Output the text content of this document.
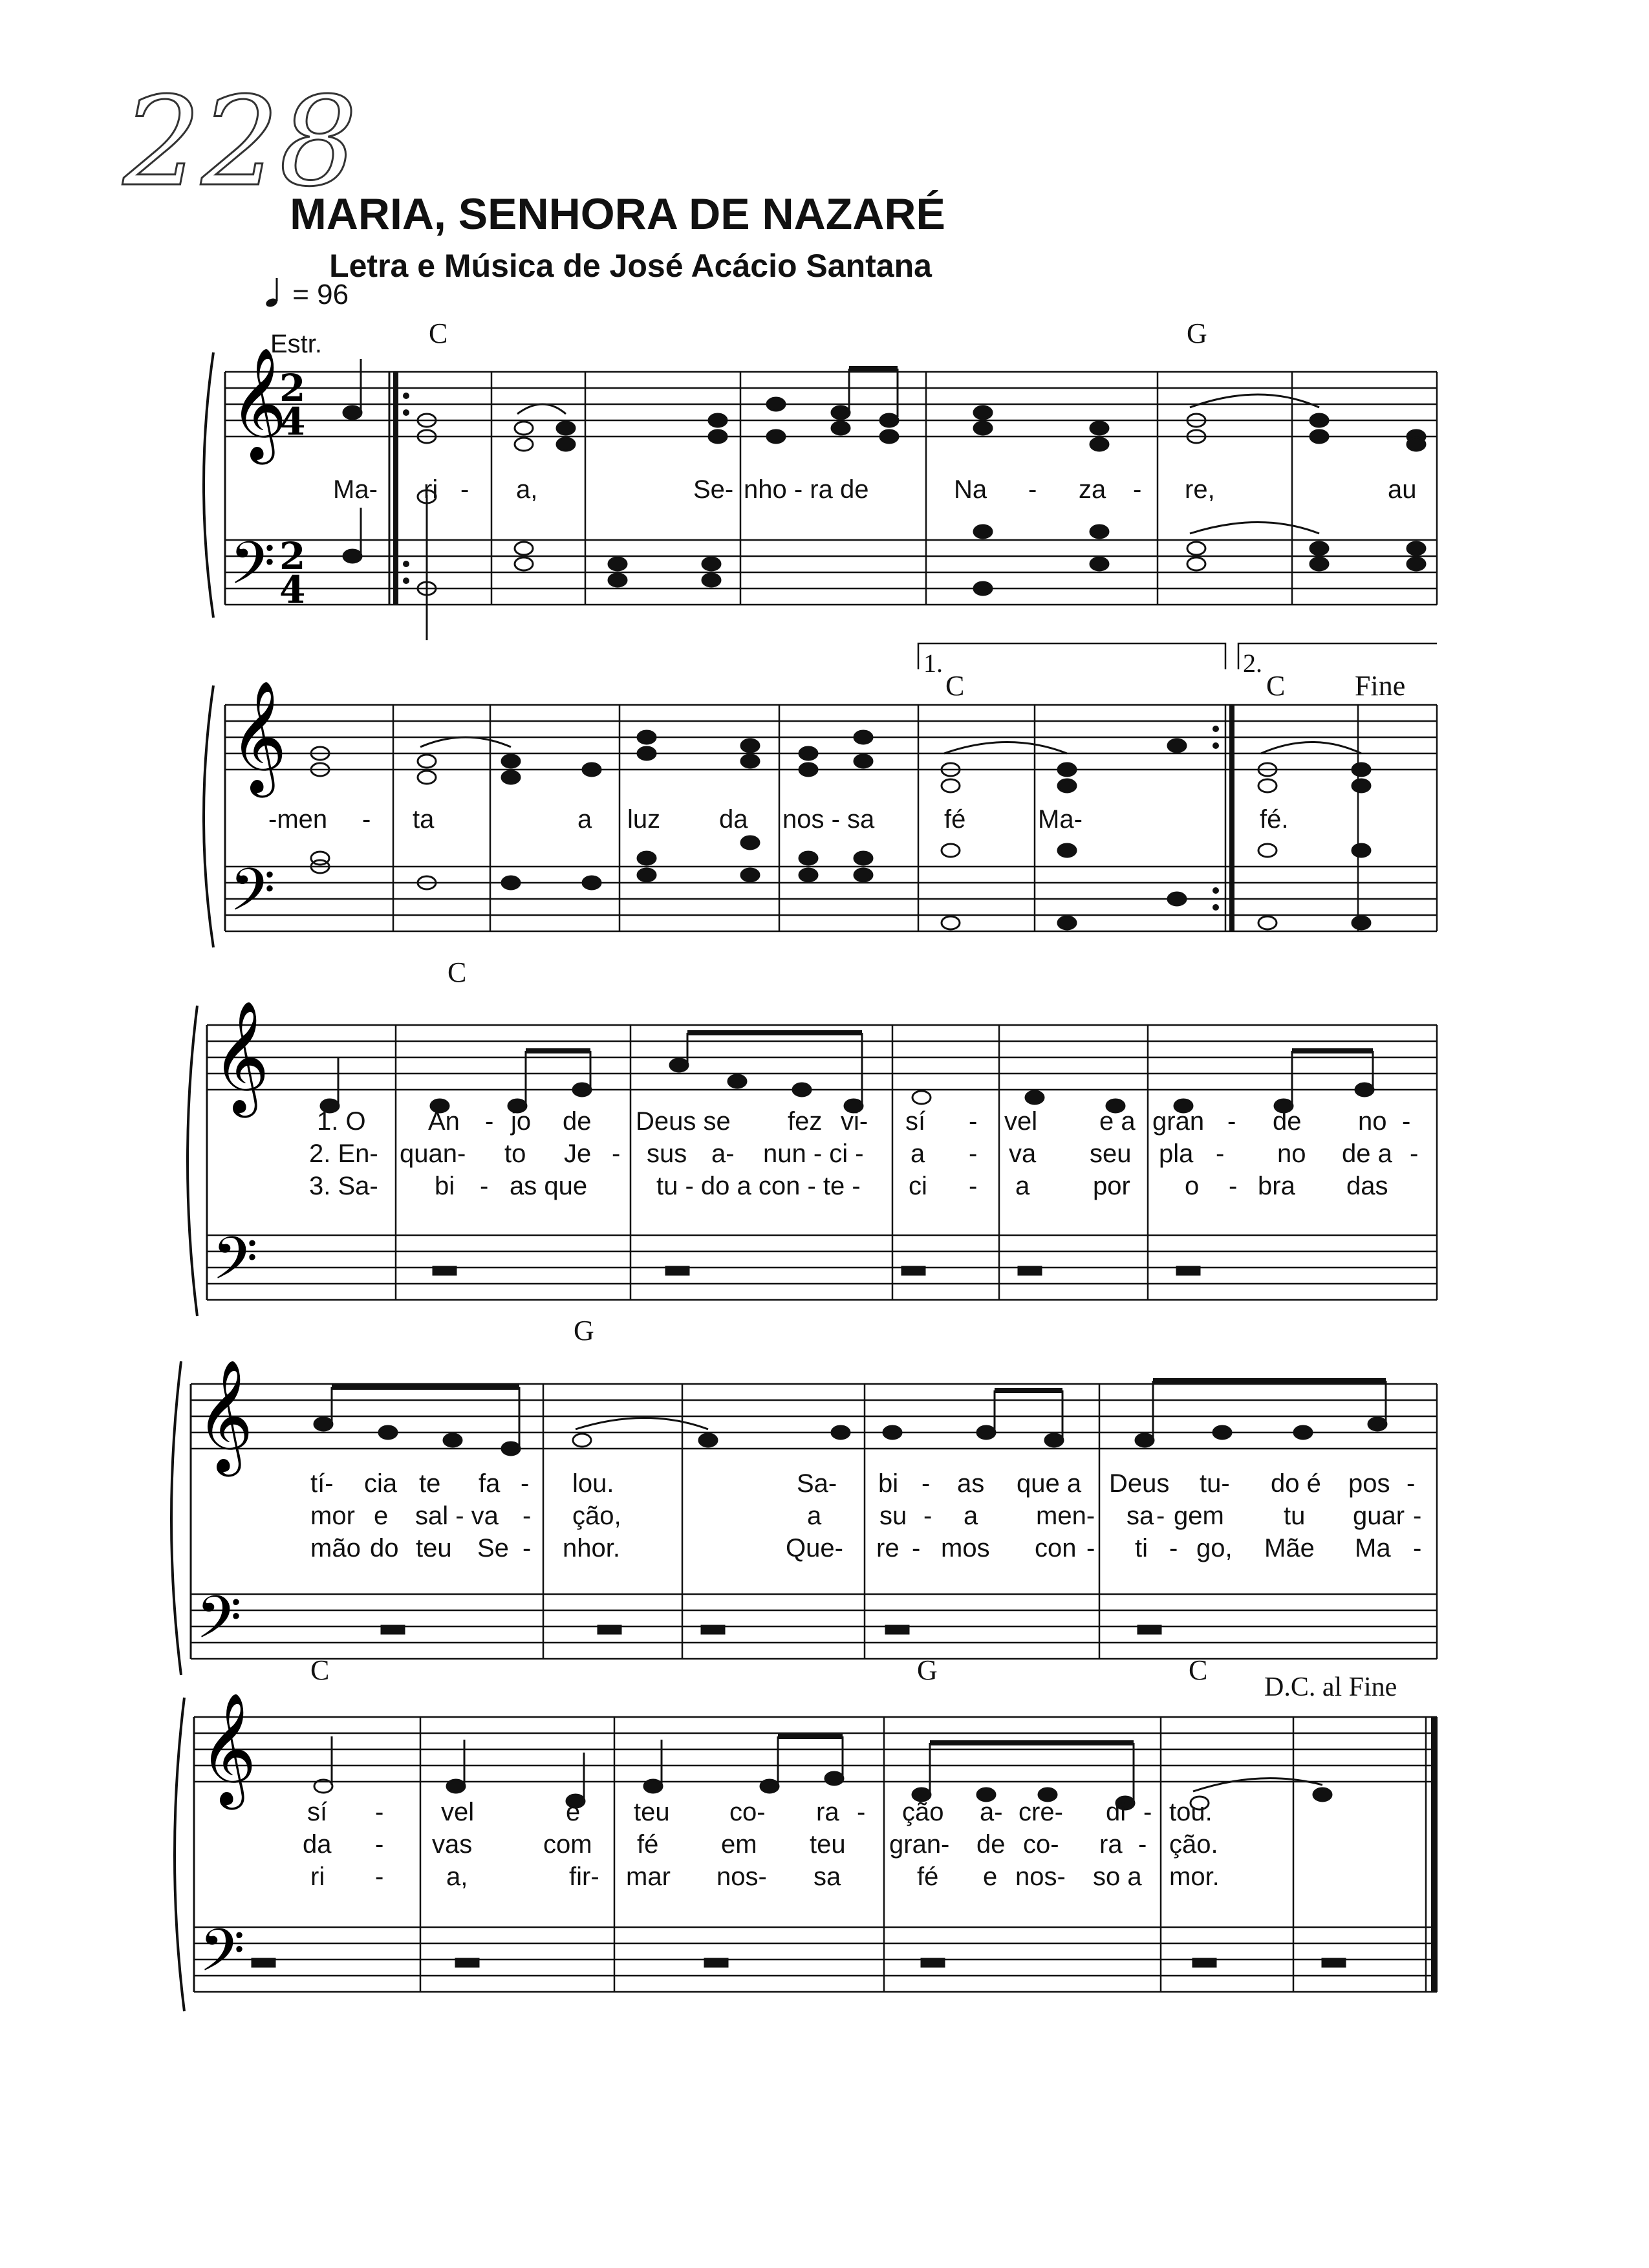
228
MARIA, SENHORA DE NAZARÉ
Letra e Música de José Acácio Santana
= 96
𝄞
𝄢
2
4
2
4
Estr.	C	G
Ma- ri - a,	Se- nho - ra de	Na - za - re,	au
𝄞
𝄢
1.
C
2.
C Fine
-men - ta	a luz da nos - sa	fé	Ma-	fé.
𝄞
𝄢
C
1. O An - jo de Deus se fez vi- sí - vel e a gran - de no -
2. En- quan- to Je - sus a- nun - ci - a - va seu pla - no de a -
3. Sa- bi - as que	tu - do a con - te - ci - a por o - bra das
𝄞
𝄢
G
tí- cia te fa - lou.	Sa- bi - as que a Deus tu- do é pos -
mor e sal - va - ção,	a su - a men- sa - gem tu guar -
mão do teu Se - nhor.	Que- re - mos con - ti - go, Mãe Ma -
𝄞
𝄢
C	G	C
D.C. al Fine
sí - vel	e teu co- ra - ção a- cre- di - tou.
da - vas	com fé em teu gran- de co- ra - ção.
ri - a,	fir- mar nos- sa	fé e nos- so a mor.
